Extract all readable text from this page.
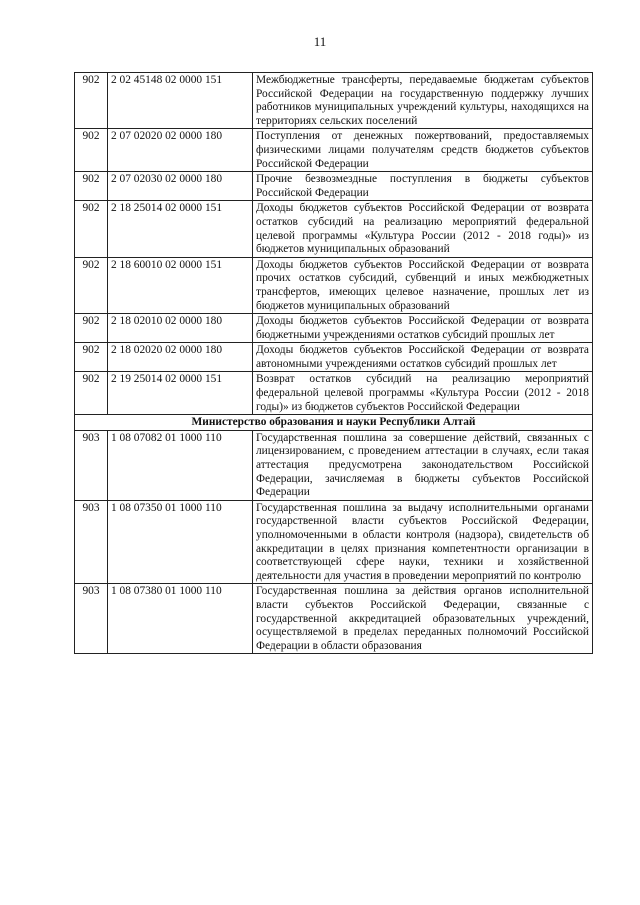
11
902	2 02 45148 02 0000 151	Межбюджетные трансферты, передаваемые бюджетам субъектов Российской Федерации на государственную поддержку лучших работников муниципальных учреждений культуры, находящихся на территориях сельских поселений
902	2 07 02020 02 0000 180	Поступления от денежных пожертвований, предоставляемых физическими лицами получателям средств бюджетов субъектов Российской Федерации
902	2 07 02030 02 0000 180	Прочие безвозмездные поступления в бюджеты субъектов Российской Федерации
902	2 18 25014 02 0000 151	Доходы бюджетов субъектов Российской Федерации от возврата остатков субсидий на реализацию мероприятий федеральной целевой программы «Культура России (2012 - 2018 годы)» из бюджетов муниципальных образований
902	2 18 60010 02 0000 151	Доходы бюджетов субъектов Российской Федерации от возврата прочих остатков субсидий, субвенций и иных межбюджетных трансфертов, имеющих целевое назначение, прошлых лет из бюджетов муниципальных образований
902	2 18 02010 02 0000 180	Доходы бюджетов субъектов Российской Федерации от возврата бюджетными учреждениями остатков субсидий прошлых лет
902	2 18 02020 02 0000 180	Доходы бюджетов субъектов Российской Федерации от возврата автономными учреждениями остатков субсидий прошлых лет
902	2 19 25014 02 0000 151	Возврат остатков субсидий на реализацию мероприятий федеральной целевой программы «Культура России (2012 - 2018 годы)» из бюджетов субъектов Российской Федерации
Министерство образования и науки Республики Алтай		
903	1 08 07082 01 1000 110	Государственная пошлина за совершение действий, связанных с лицензированием, с проведением аттестации в случаях, если такая аттестация предусмотрена законодательством Российской Федерации, зачисляемая в бюджеты субъектов Российской Федерации
903	1 08 07350 01 1000 110	Государственная пошлина за выдачу исполнительными органами государственной власти субъектов Российской Федерации, уполномоченными в области контроля (надзора), свидетельств об аккредитации в целях признания компетентности организации в соответствующей сфере науки, техники и хозяйственной деятельности для участия в проведении мероприятий по контролю
903	1 08 07380 01 1000 110	Государственная пошлина за действия органов исполнительной власти субъектов Российской Федерации, связанные с государственной аккредитацией образовательных учреждений, осуществляемой в пределах переданных полномочий Российской Федерации в области образования
